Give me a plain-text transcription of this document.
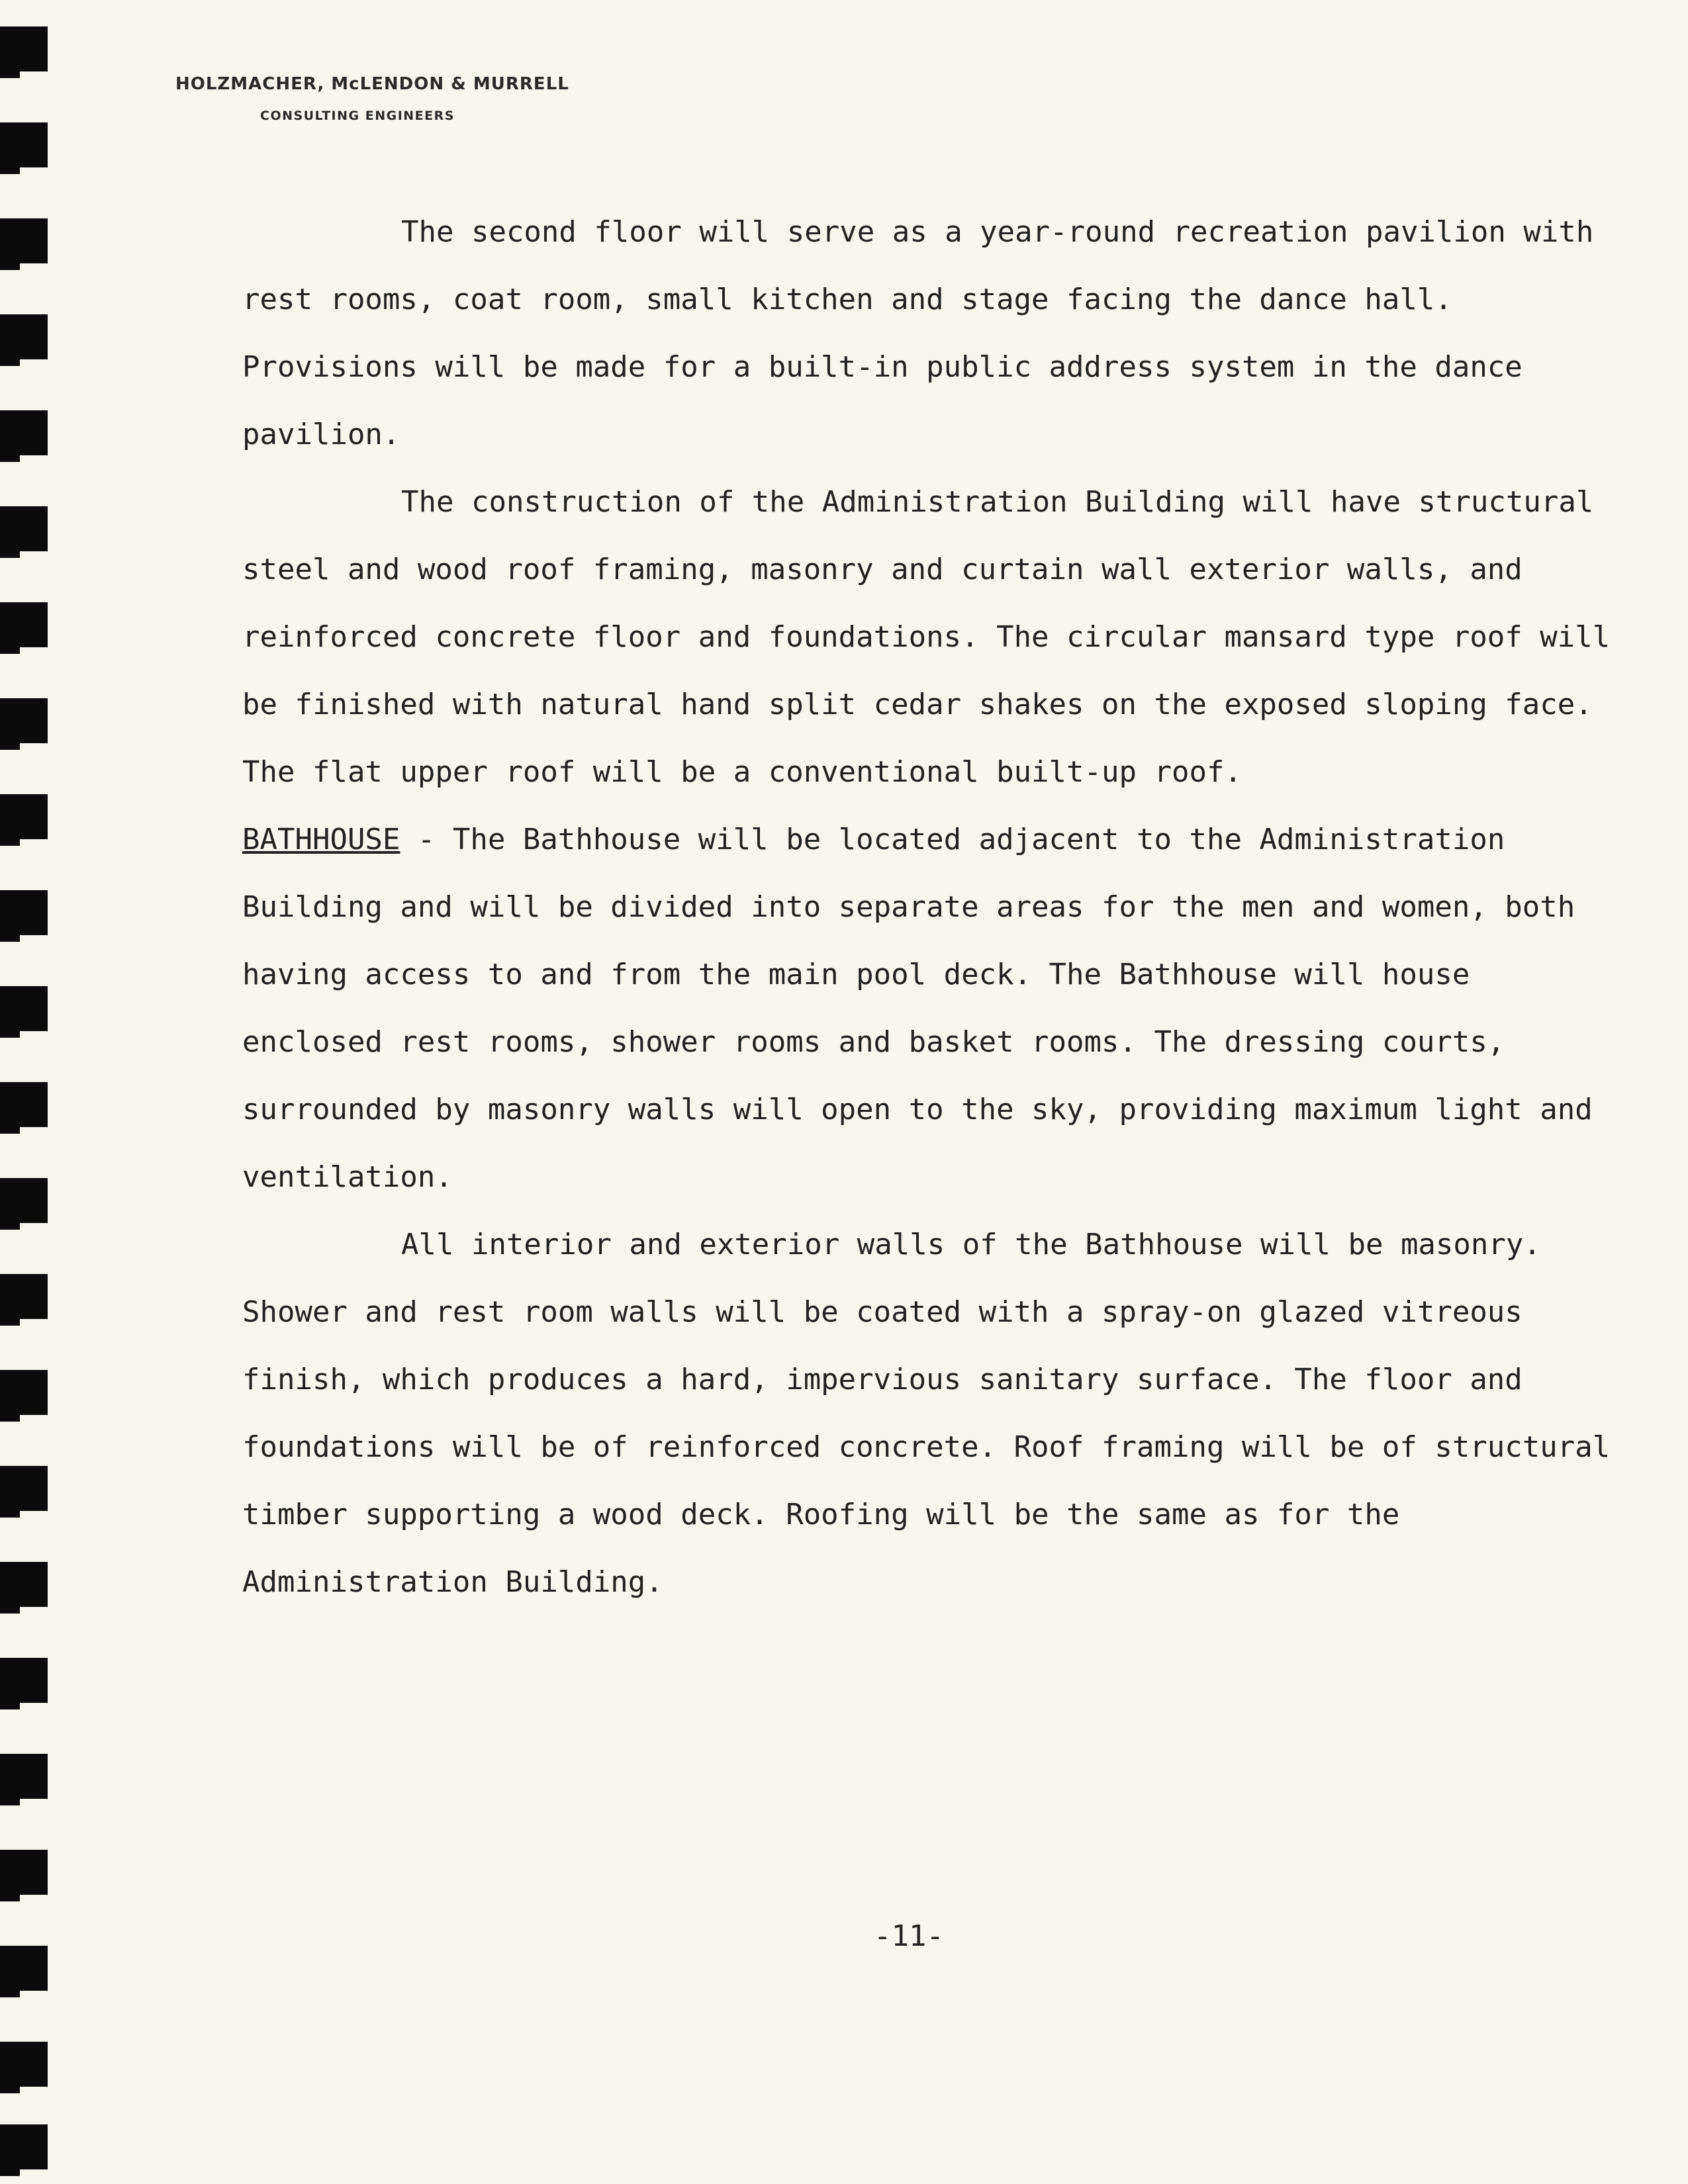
HOLZMACHER, McLENDON & MURRELL
CONSULTING ENGINEERS

The second floor will serve as a year-round recreation pavilion with rest rooms, coat room, small kitchen and stage facing the dance hall. Provisions will be made for a built-in public address system in the dance pavilion.

The construction of the Administration Building will have structural steel and wood roof framing, masonry and curtain wall exterior walls, and reinforced concrete floor and foundations. The circular mansard type roof will be finished with natural hand split cedar shakes on the exposed sloping face. The flat upper roof will be a conventional built-up roof.

BATHHOUSE - The Bathhouse will be located adjacent to the Administration Building and will be divided into separate areas for the men and women, both having access to and from the main pool deck. The Bathhouse will house enclosed rest rooms, shower rooms and basket rooms. The dressing courts, surrounded by masonry walls will open to the sky, providing maximum light and ventilation.

All interior and exterior walls of the Bathhouse will be masonry. Shower and rest room walls will be coated with a spray-on glazed vitreous finish, which produces a hard, impervious sanitary surface. The floor and foundations will be of reinforced concrete. Roof framing will be of structural timber supporting a wood deck. Roofing will be the same as for the Administration Building.

-11-
